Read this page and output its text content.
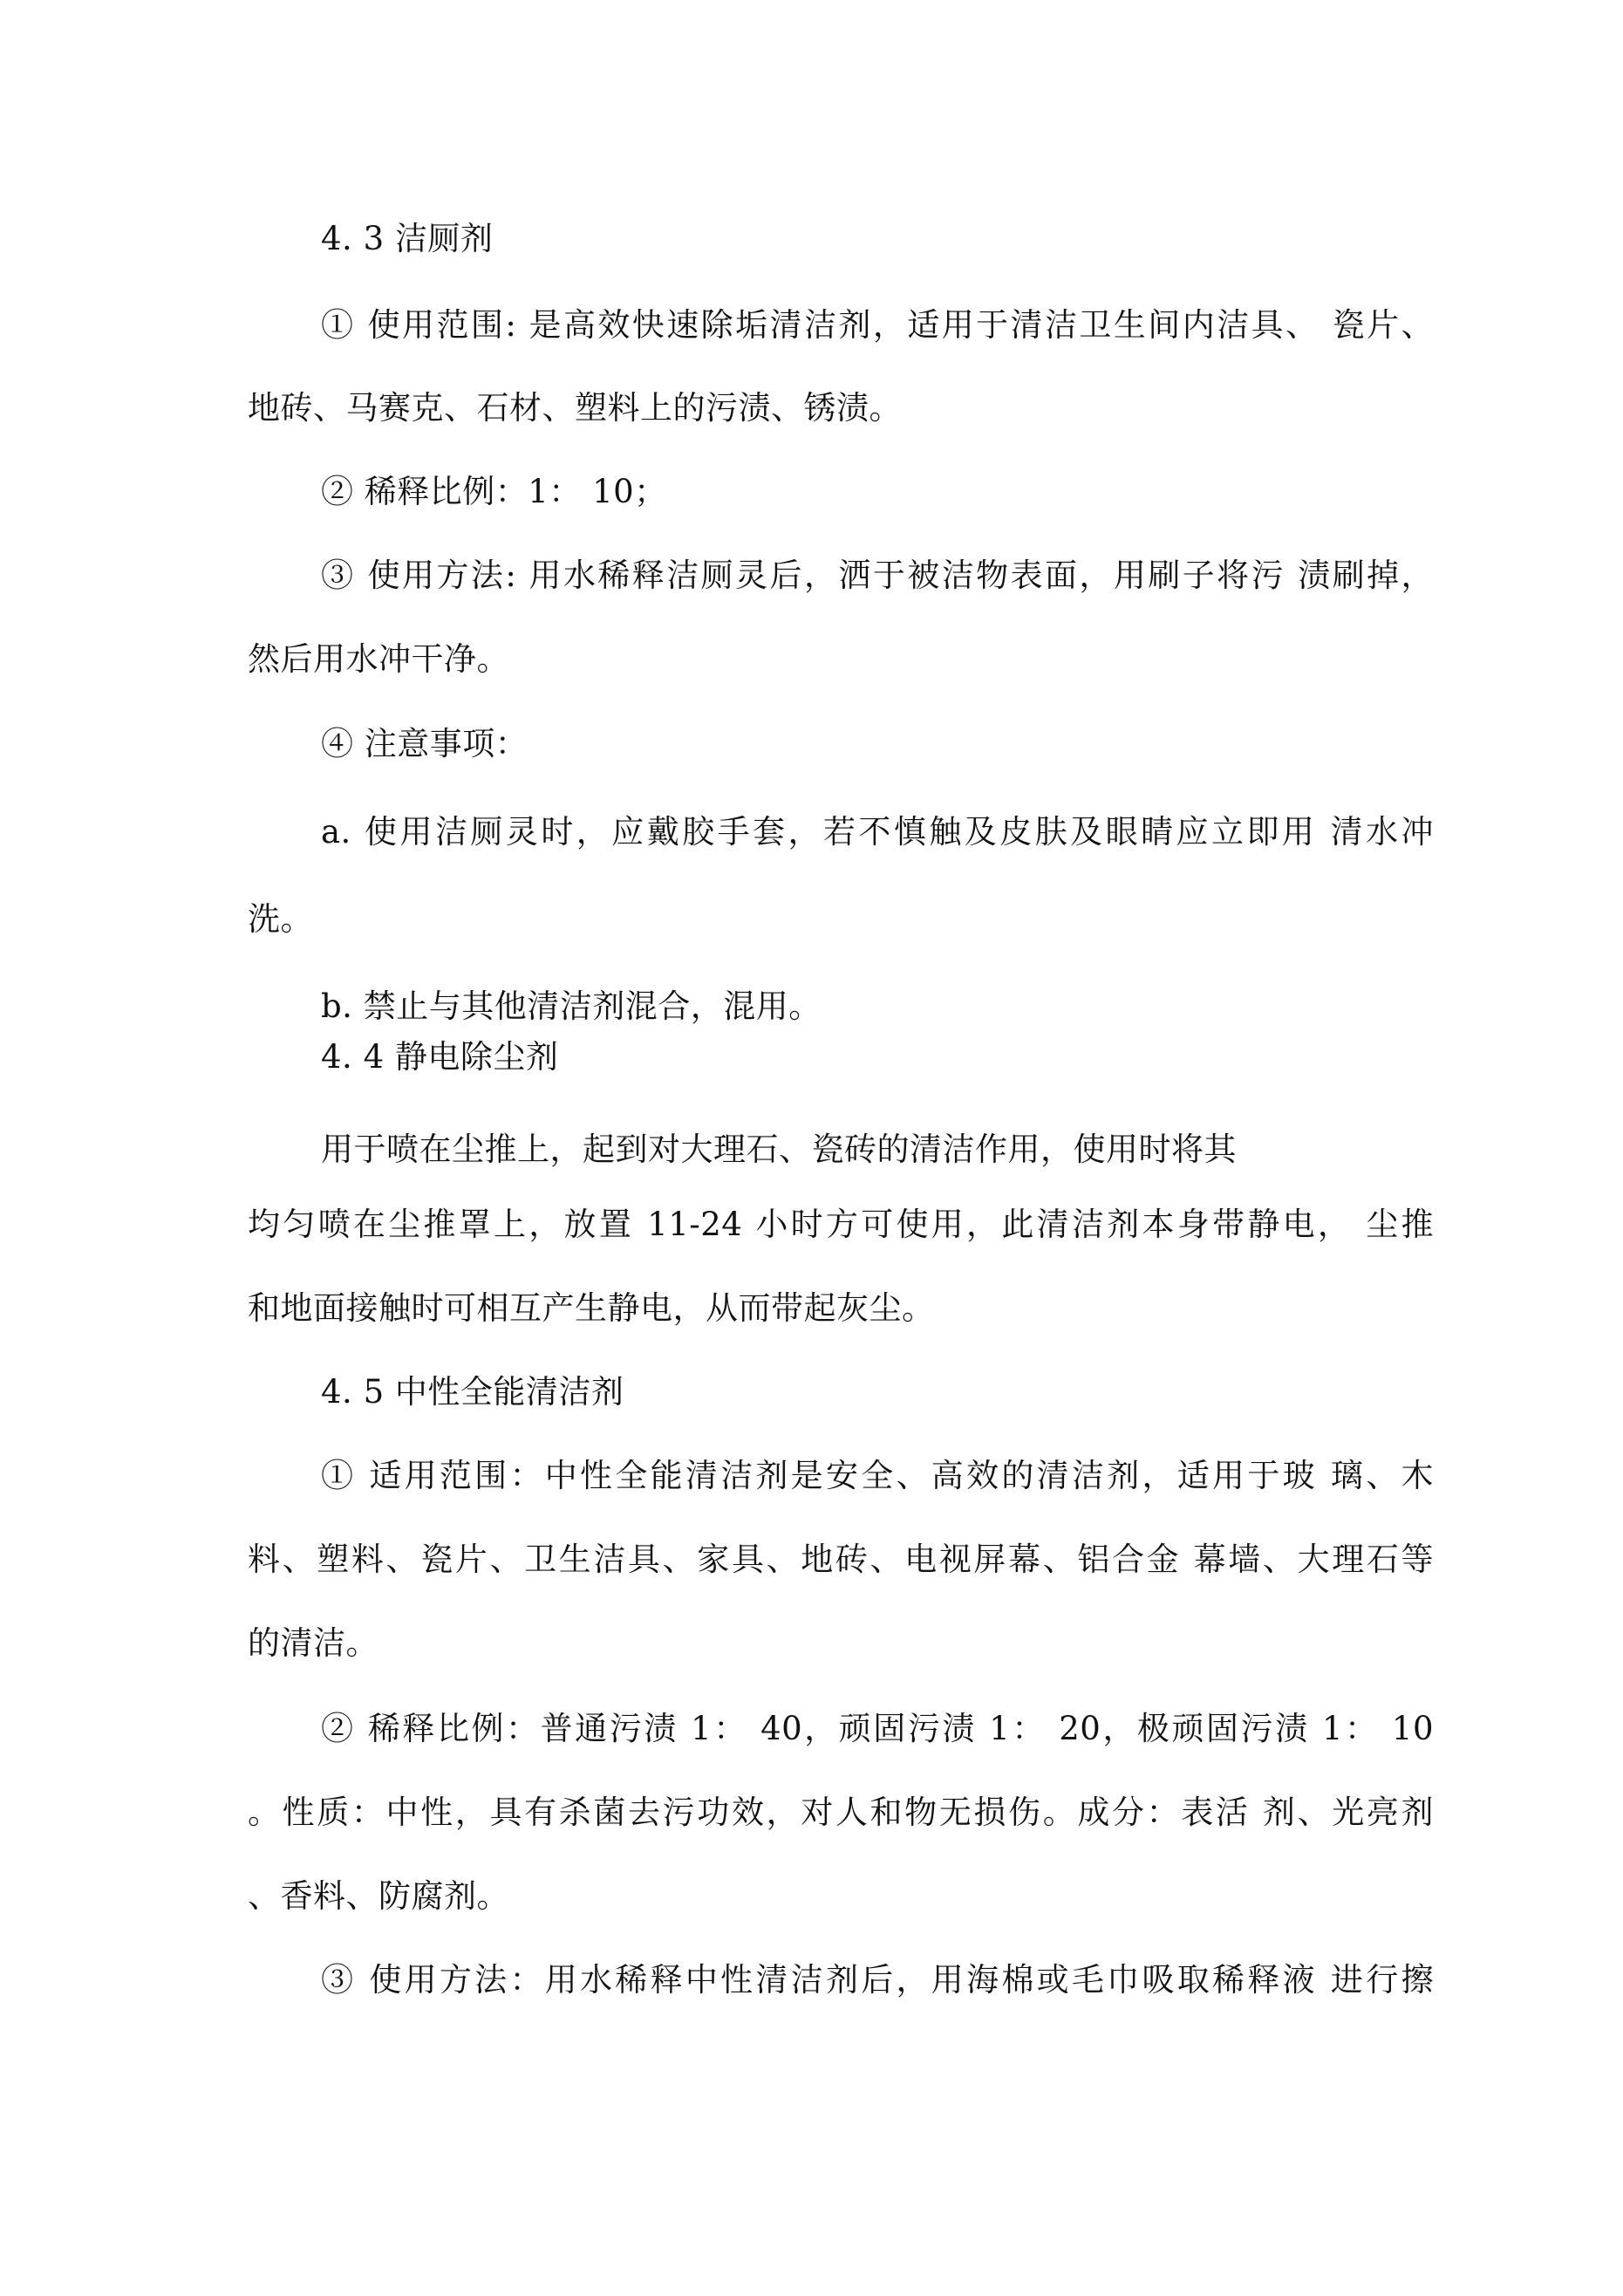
4. 3 洁厕剂
① 使用范围: 是高效快速除垢清洁剂，适用于清洁卫生间内洁具、 瓷片、
地砖、马赛克、石材、塑料上的污渍、锈渍。
② 稀释比例：1： 10；
③ 使用方法: 用水稀释洁厕灵后，洒于被洁物表面，用刷子将污 渍刷掉，
然后用水冲干净。
④ 注意事项：
a. 使用洁厕灵时，应戴胶手套，若不慎触及皮肤及眼睛应立即用 清水冲
洗。
b. 禁止与其他清洁剂混合，混用。
4. 4 静电除尘剂
用于喷在尘推上，起到对大理石、瓷砖的清洁作用，使用时将其
均匀喷在尘推罩上，放置 11-24 小时方可使用，此清洁剂本身带静电， 尘推
和地面接触时可相互产生静电，从而带起灰尘。
4. 5 中性全能清洁剂
① 适用范围：中性全能清洁剂是安全、高效的清洁剂，适用于玻 璃、木
料、塑料、瓷片、卫生洁具、家具、地砖、电视屏幕、铝合金 幕墙、大理石等
的清洁。
② 稀释比例：普通污渍 1： 40，顽固污渍 1： 20，极顽固污渍 1： 10
。性质：中性，具有杀菌去污功效，对人和物无损伤。成分：表活 剂、光亮剂
、香料、防腐剂。
③ 使用方法：用水稀释中性清洁剂后，用海棉或毛巾吸取稀释液 进行擦
